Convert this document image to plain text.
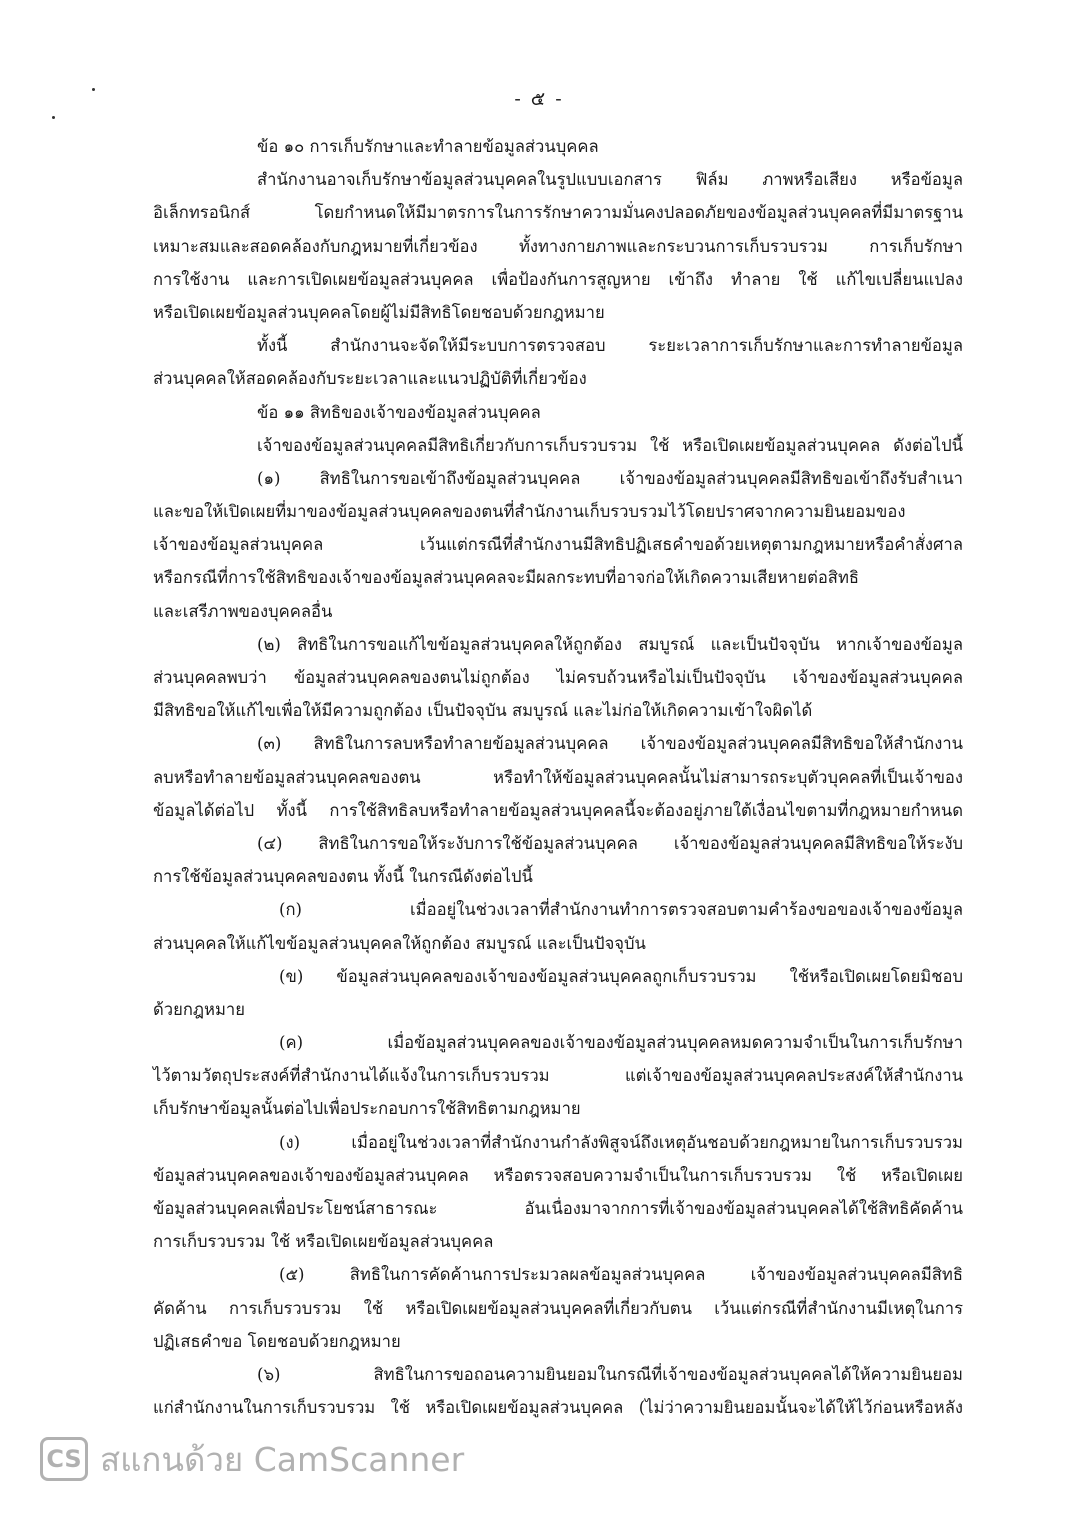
- ๕ -
ข้อ ๑๐ การเก็บรักษาและทำลายข้อมูลส่วนบุคคล
สำนักงานอาจเก็บรักษาข้อมูลส่วนบุคคลในรูปแบบเอกสาร ฟิล์ม ภาพหรือเสียง หรือข้อมูล
อิเล็กทรอนิกส์ โดยกำหนดให้มีมาตรการในการรักษาความมั่นคงปลอดภัยของข้อมูลส่วนบุคคลที่มีมาตรฐาน
เหมาะสมและสอดคล้องกับกฎหมายที่เกี่ยวข้อง ทั้งทางกายภาพและกระบวนการเก็บรวบรวม การเก็บรักษา
การใช้งาน และการเปิดเผยข้อมูลส่วนบุคคล เพื่อป้องกันการสูญหาย เข้าถึง ทำลาย ใช้ แก้ไขเปลี่ยนแปลง
หรือเปิดเผยข้อมูลส่วนบุคคลโดยผู้ไม่มีสิทธิโดยชอบด้วยกฎหมาย
ทั้งนี้ สำนักงานจะจัดให้มีระบบการตรวจสอบ ระยะเวลาการเก็บรักษาและการทำลายข้อมูล
ส่วนบุคคลให้สอดคล้องกับระยะเวลาและแนวปฏิบัติที่เกี่ยวข้อง
ข้อ ๑๑ สิทธิของเจ้าของข้อมูลส่วนบุคคล
เจ้าของข้อมูลส่วนบุคคลมีสิทธิเกี่ยวกับการเก็บรวบรวม ใช้ หรือเปิดเผยข้อมูลส่วนบุคคล ดังต่อไปนี้
(๑) สิทธิในการขอเข้าถึงข้อมูลส่วนบุคคล เจ้าของข้อมูลส่วนบุคคลมีสิทธิขอเข้าถึงรับสำเนา
และขอให้เปิดเผยที่มาของข้อมูลส่วนบุคคลของตนที่สำนักงานเก็บรวบรวมไว้โดยปราศจากความยินยอมของ
เจ้าของข้อมูลส่วนบุคคล เว้นแต่กรณีที่สำนักงานมีสิทธิปฏิเสธคำขอด้วยเหตุตามกฎหมายหรือคำสั่งศาล
หรือกรณีที่การใช้สิทธิของเจ้าของข้อมูลส่วนบุคคลจะมีผลกระทบที่อาจก่อให้เกิดความเสียหายต่อสิทธิ
และเสรีภาพของบุคคลอื่น
(๒) สิทธิในการขอแก้ไขข้อมูลส่วนบุคคลให้ถูกต้อง สมบูรณ์ และเป็นปัจจุบัน หากเจ้าของข้อมูล
ส่วนบุคคลพบว่า ข้อมูลส่วนบุคคลของตนไม่ถูกต้อง ไม่ครบถ้วนหรือไม่เป็นปัจจุบัน เจ้าของข้อมูลส่วนบุคคล
มีสิทธิขอให้แก้ไขเพื่อให้มีความถูกต้อง เป็นปัจจุบัน สมบูรณ์ และไม่ก่อให้เกิดความเข้าใจผิดได้
(๓) สิทธิในการลบหรือทำลายข้อมูลส่วนบุคคล เจ้าของข้อมูลส่วนบุคคลมีสิทธิขอให้สำนักงาน
ลบหรือทำลายข้อมูลส่วนบุคคลของตน หรือทำให้ข้อมูลส่วนบุคคลนั้นไม่สามารถระบุตัวบุคคลที่เป็นเจ้าของ
ข้อมูลได้ต่อไป ทั้งนี้ การใช้สิทธิลบหรือทำลายข้อมูลส่วนบุคคลนี้จะต้องอยู่ภายใต้เงื่อนไขตามที่กฎหมายกำหนด
(๔) สิทธิในการขอให้ระงับการใช้ข้อมูลส่วนบุคคล เจ้าของข้อมูลส่วนบุคคลมีสิทธิขอให้ระงับ
การใช้ข้อมูลส่วนบุคคลของตน ทั้งนี้ ในกรณีดังต่อไปนี้
(ก) เมื่ออยู่ในช่วงเวลาที่สำนักงานทำการตรวจสอบตามคำร้องขอของเจ้าของข้อมูล
ส่วนบุคคลให้แก้ไขข้อมูลส่วนบุคคลให้ถูกต้อง สมบูรณ์ และเป็นปัจจุบัน
(ข) ข้อมูลส่วนบุคคลของเจ้าของข้อมูลส่วนบุคคลถูกเก็บรวบรวม ใช้หรือเปิดเผยโดยมิชอบ
ด้วยกฎหมาย
(ค) เมื่อข้อมูลส่วนบุคคลของเจ้าของข้อมูลส่วนบุคคลหมดความจำเป็นในการเก็บรักษา
ไว้ตามวัตถุประสงค์ที่สำนักงานได้แจ้งในการเก็บรวบรวม แต่เจ้าของข้อมูลส่วนบุคคลประสงค์ให้สำนักงาน
เก็บรักษาข้อมูลนั้นต่อไปเพื่อประกอบการใช้สิทธิตามกฎหมาย
(ง) เมื่ออยู่ในช่วงเวลาที่สำนักงานกำลังพิสูจน์ถึงเหตุอันชอบด้วยกฎหมายในการเก็บรวบรวม
ข้อมูลส่วนบุคคลของเจ้าของข้อมูลส่วนบุคคล หรือตรวจสอบความจำเป็นในการเก็บรวบรวม ใช้ หรือเปิดเผย
ข้อมูลส่วนบุคคลเพื่อประโยชน์สาธารณะ อันเนื่องมาจากการที่เจ้าของข้อมูลส่วนบุคคลได้ใช้สิทธิคัดค้าน
การเก็บรวบรวม ใช้ หรือเปิดเผยข้อมูลส่วนบุคคล
(๕) สิทธิในการคัดค้านการประมวลผลข้อมูลส่วนบุคคล เจ้าของข้อมูลส่วนบุคคลมีสิทธิ
คัดค้าน การเก็บรวบรวม ใช้ หรือเปิดเผยข้อมูลส่วนบุคคลที่เกี่ยวกับตน เว้นแต่กรณีที่สำนักงานมีเหตุในการ
ปฏิเสธคำขอ โดยชอบด้วยกฎหมาย
(๖) สิทธิในการขอถอนความยินยอมในกรณีที่เจ้าของข้อมูลส่วนบุคคลได้ให้ความยินยอม
แก่สำนักงานในการเก็บรวบรวม ใช้ หรือเปิดเผยข้อมูลส่วนบุคคล (ไม่ว่าความยินยอมนั้นจะได้ให้ไว้ก่อนหรือหลัง
CS สแกนด้วย CamScanner
